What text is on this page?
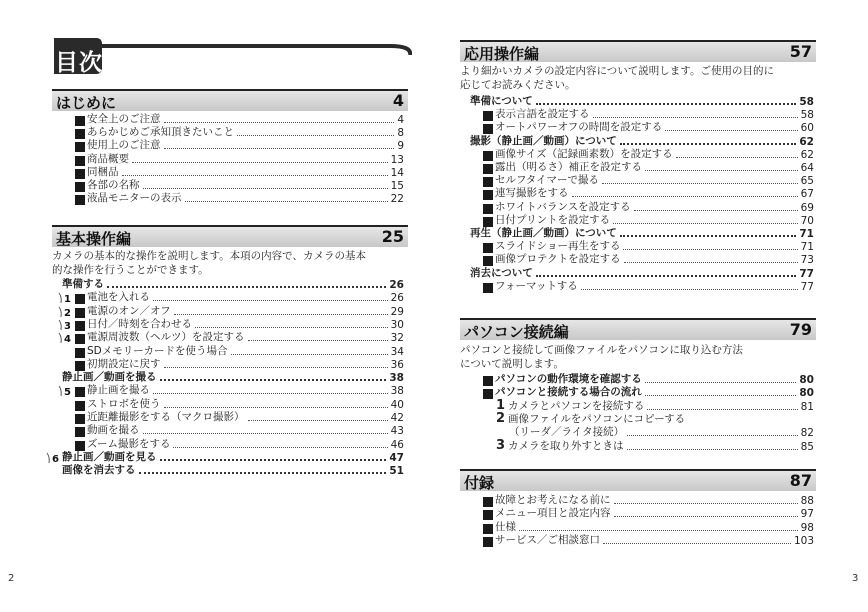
目次
はじめに	4
安全上のご注意	4
あらかじめご承知頂きたいこと	8
使用上のご注意	9
商品概要	13
同梱品	14
各部の名称	15
液晶モニターの表示	22
基本操作編	25
カメラの基本的な操作を説明します。本項の内容で、カメラの基本
的な操作を行うことができます。
準備する	26
電池を入れる	26
1
電源のオン／オフ	29
2
日付／時刻を合わせる	30
3
電源周波数（ヘルツ）を設定する	32
4
SDメモリーカードを使う場合	34
初期設定に戻す	36
静止画／動画を撮る	38
静止画を撮る	38
5
ストロボを使う	40
近距離撮影をする（マクロ撮影）	42
動画を撮る	43
ズーム撮影をする	46
静止画／動画を見る	47
6
画像を消去する	51
2
応用操作編	57
より細かいカメラの設定内容について説明します。ご使用の目的に
応じてお読みください。
準備について	58
表示言語を設定する	58
オートパワーオフの時間を設定する	60
撮影（静止画／動画）について	62
画像サイズ（記録画素数）を設定する	62
露出（明るさ）補正を設定する	64
セルフタイマーで撮る	65
連写撮影をする	67
ホワイトバランスを設定する	69
日付プリントを設定する	70
再生（静止画／動画）について	71
スライドショー再生をする	71
画像プロテクトを設定する	73
消去について	77
フォーマットする	77
パソコン接続編	79
パソコンと接続して画像ファイルをパソコンに取り込む方法
について説明します。
パソコンの動作環境を確認する	80
パソコンと接続する場合の流れ	80
1 カメラとパソコンを接続する	81
2 画像ファイルをパソコンにコピーする
（リーダ／ライタ接続）	82
3 カメラを取り外すときは	85
付録	87
故障とお考えになる前に	88
メニュー項目と設定内容	97
仕様	98
サービス／ご相談窓口	103
3
